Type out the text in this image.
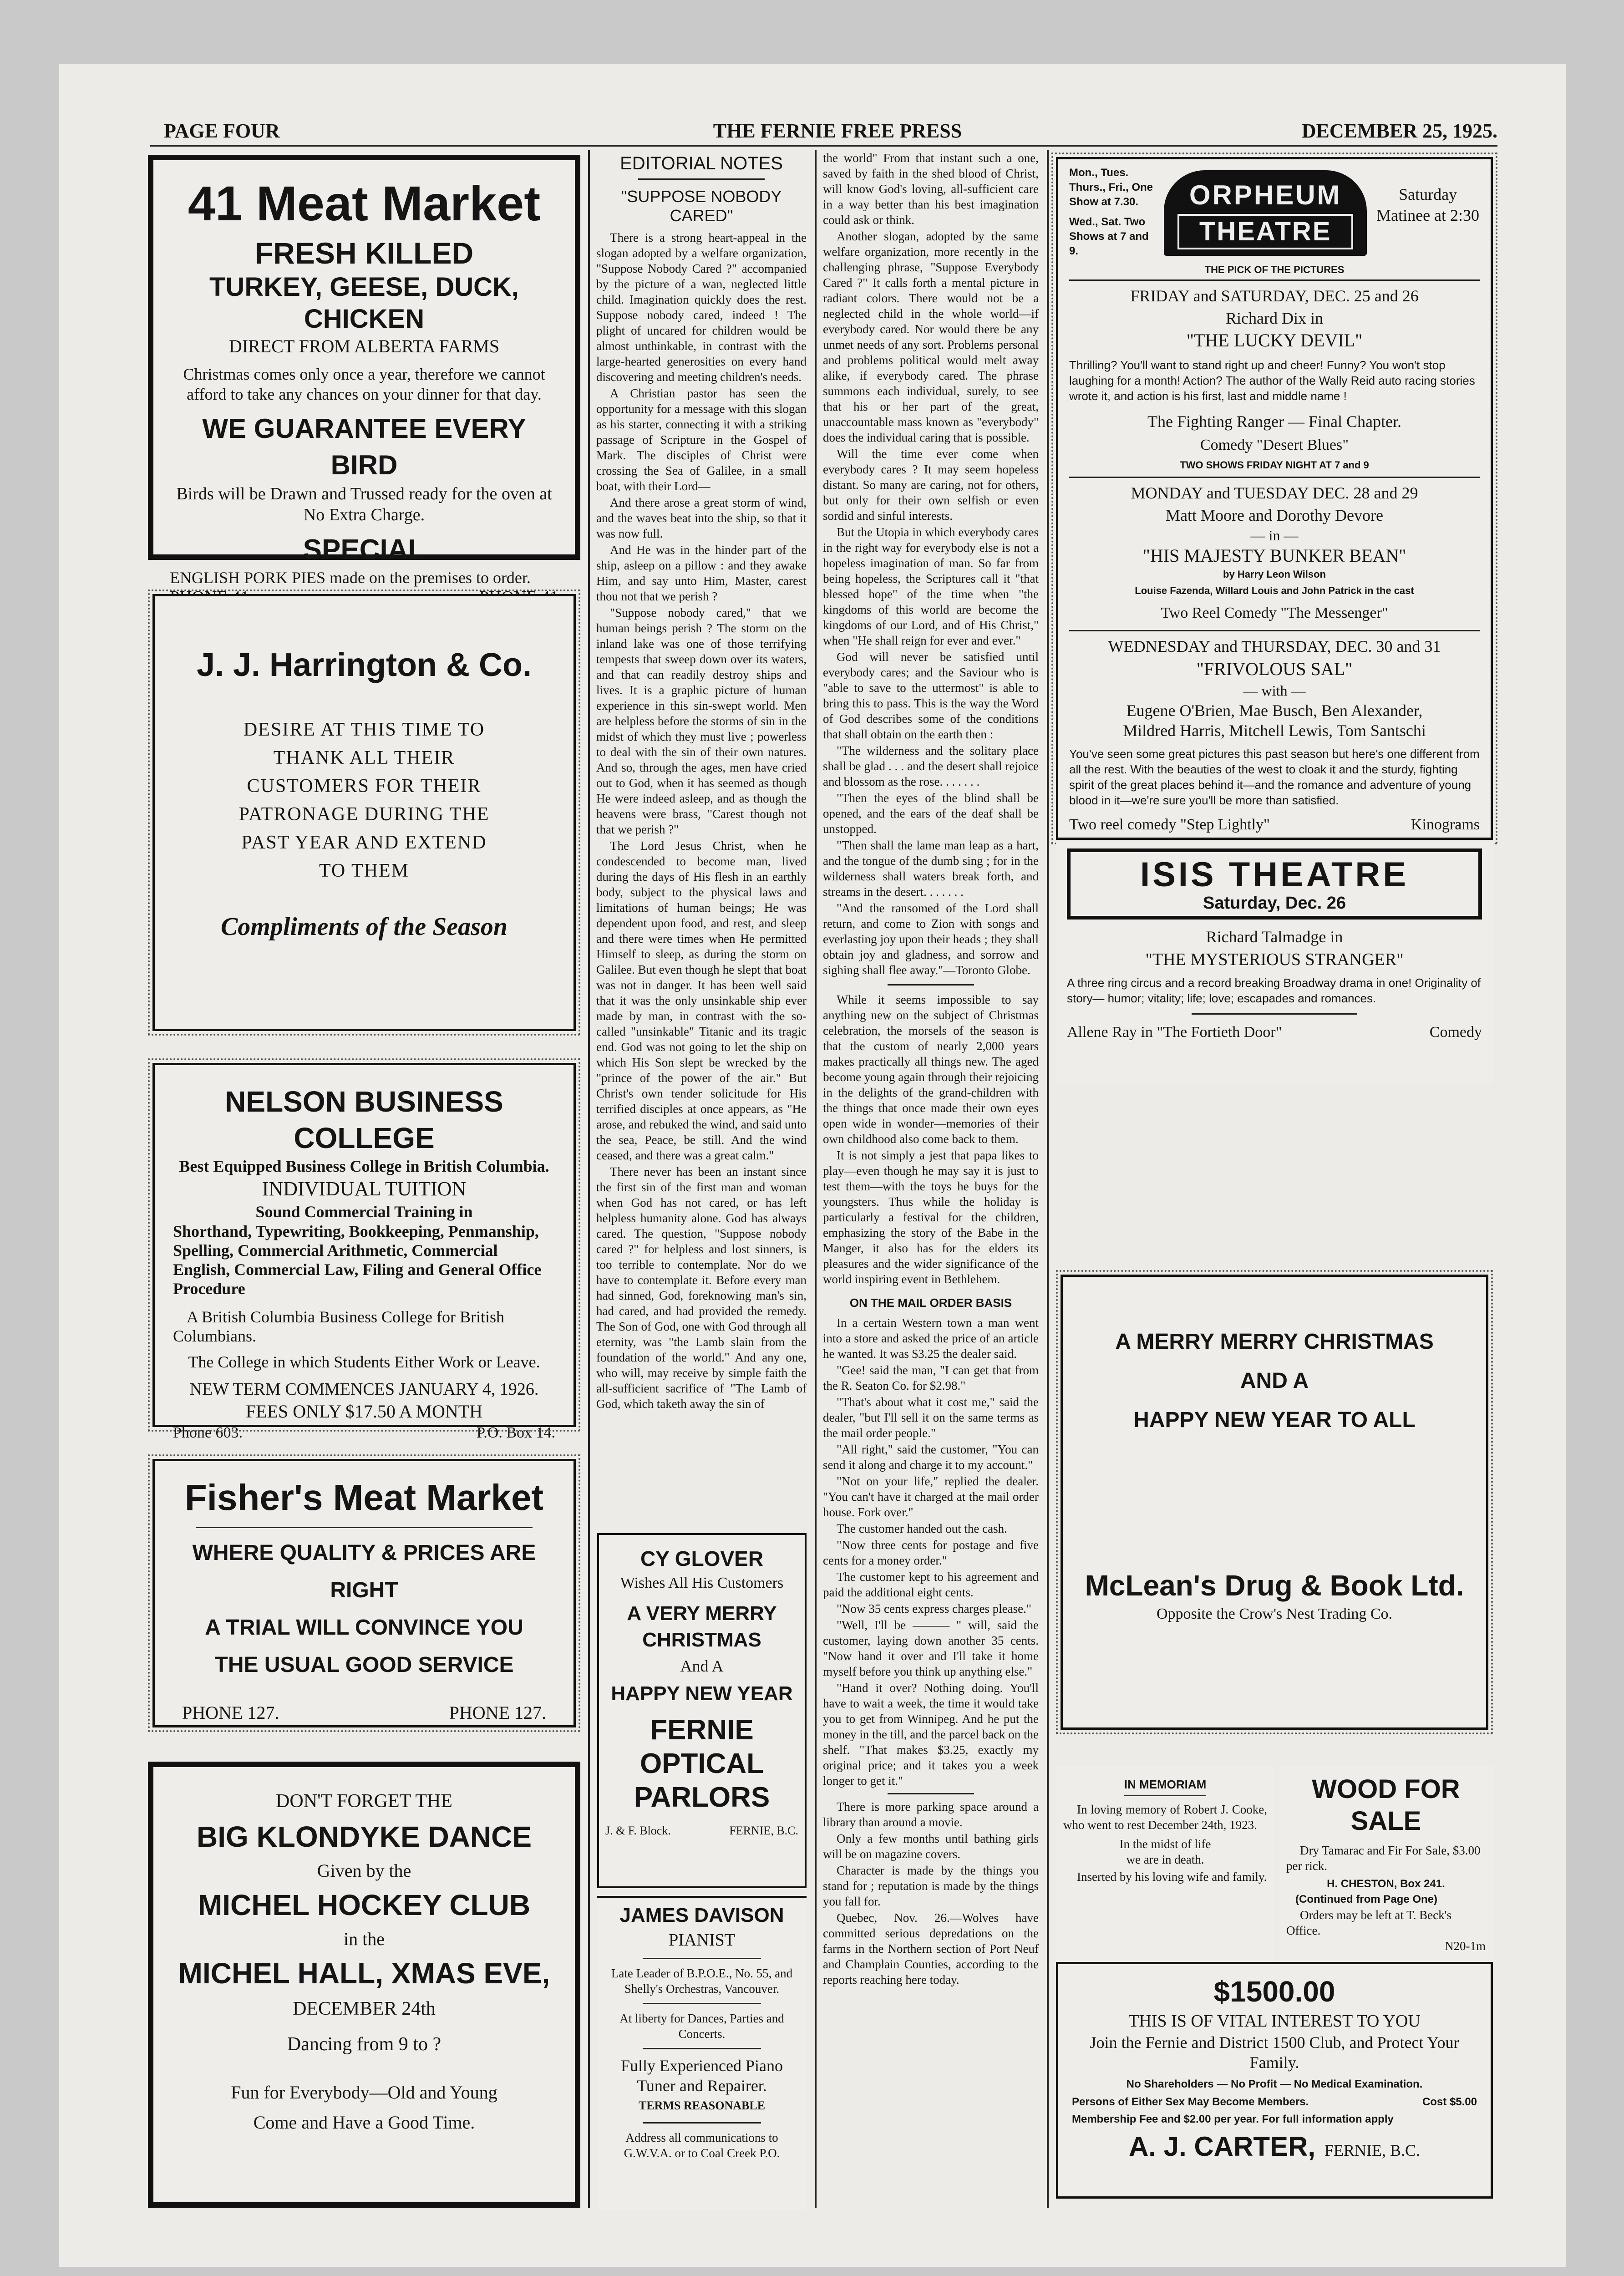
PAGE FOUR	THE FERNIE FREE PRESS	DECEMBER 25, 1925.
41 Meat Market
FRESH KILLED
TURKEY, GEESE, DUCK, CHICKEN
DIRECT FROM ALBERTA FARMS
Christmas comes only once a year, therefore we cannot afford to take any chances on your dinner for that day.
WE GUARANTEE EVERY BIRD
Birds will be Drawn and Trussed ready for the oven at No Extra Charge.
SPECIAL
ENGLISH PORK PIES made on the premises to order.
J. J. Harrington & Co.
DESIRE AT THIS TIME TO
THANK ALL THEIR
CUSTOMERS FOR THEIR
PATRONAGE DURING THE
PAST YEAR AND EXTEND
TO THEM
Compliments of the Season
NELSON BUSINESS COLLEGE
Best Equipped Business College in British Columbia.
INDIVIDUAL TUITION
Sound Commercial Training in
Shorthand, Typewriting, Bookkeeping, Penmanship, Spelling, Commercial Arithmetic, Commercial English, Commercial Law, Filing and General Office Procedure
A British Columbia Business College for British Columbians.
The College in which Students Either Work or Leave.
NEW TERM COMMENCES JANUARY 4, 1926.
FEES ONLY $17.50 A MONTH
Phone 603.	P.O. Box 14.
Fisher's Meat Market
WHERE QUALITY & PRICES ARE RIGHT
A TRIAL WILL CONVINCE YOU
THE USUAL GOOD SERVICE
PHONE 127.	PHONE 127.
DON'T FORGET THE
BIG KLONDYKE DANCE
Given by the
MICHEL HOCKEY CLUB
in the
MICHEL HALL, XMAS EVE,
DECEMBER 24th
Dancing from 9 to ?
Fun for Everybody—Old and Young
Come and Have a Good Time.
EDITORIAL NOTES
"SUPPOSE NOBODY CARED"

There is a strong heart-appeal in the slogan adopted by a welfare organization, "Suppose Nobody Cared ?" accompanied by the picture of a wan, neglected little child. Imagination quickly does the rest. Suppose nobody cared, indeed ! The plight of uncared for children would be almost unthinkable, in contrast with the large-hearted generosities on every hand discovering and meeting children's needs.

A Christian pastor has seen the opportunity for a message with this slogan as his starter, connecting it with a striking passage of Scripture in the Gospel of Mark. The disciples of Christ were crossing the Sea of Galilee, in a small boat, with their Lord—

And there arose a great storm of wind, and the waves beat into the ship, so that it was now full.

And He was in the hinder part of the ship, asleep on a pillow : and they awake Him, and say unto Him, Master, carest thou not that we perish ?

"Suppose nobody cared," that we human beings perish ? The storm on the inland lake was one of those terrifying tempests that sweep down over its waters, and that can readily destroy ships and lives. It is a graphic picture of human experience in this sin-swept world. Men are helpless before the storms of sin in the midst of which they must live ; powerless to deal with the sin of their own natures. And so, through the ages, men have cried out to God, when it has seemed as though He were indeed asleep, and as though the heavens were brass, "Carest though not that we perish ?"

The Lord Jesus Christ, when he condescended to become man, lived during the days of His flesh in an earthly body, subject to the physical laws and limitations of human beings; He was dependent upon food, and rest, and sleep and there were times when He permitted Himself to sleep, as during the storm on Galilee. But even though he slept that boat was not in danger. It has been well said that it was the only unsinkable ship ever made by man, in contrast with the so-called "unsinkable" Titanic and its tragic end. God was not going to let the ship on which His Son slept be wrecked by the "prince of the power of the air." But Christ's own tender solicitude for His terrified disciples at once appears, as "He arose, and rebuked the wind, and said unto the sea, Peace, be still. And the wind ceased, and there was a great calm."

There never has been an instant since the first sin of the first man and woman when God has not cared, or has left helpless humanity alone. God has always cared. The question, "Suppose nobody cared ?" for helpless and lost sinners, is too terrible to contemplate. Nor do we have to contemplate it. Before every man had sinned, God, foreknowing man's sin, had cared, and had provided the remedy. The Son of God, one with God through all eternity, was "the Lamb slain from the foundation of the world." And any one, who will, may receive by simple faith the all-sufficient sacrifice of "The Lamb of God, which taketh away the sin of

CY GLOVER
Wishes All His Customers
A VERY MERRY CHRISTMAS
And A
HAPPY NEW YEAR
FERNIE OPTICAL PARLORS
J. & F. Block.	FERNIE, B.C.
JAMES DAVISON
PIANIST
Late Leader of B.P.O.E., No. 55, and Shelly's Orchestras, Vancouver.
At liberty for Dances, Parties and Concerts.
Fully Experienced Piano Tuner and Repairer.
TERMS REASONABLE
Address all communications to G.W.V.A. or to Coal Creek P.O.

the world" From that instant such a one, saved by faith in the shed blood of Christ, will know God's loving, all-sufficient care in a way better than his best imagination could ask or think.

Another slogan, adopted by the same welfare organization, more recently in the challenging phrase, "Suppose Everybody Cared ?" It calls forth a mental picture in radiant colors. There would not be a neglected child in the whole world—if everybody cared. Nor would there be any unmet needs of any sort. Problems personal and problems political would melt away alike, if everybody cared. The phrase summons each individual, surely, to see that his or her part of the great, unaccountable mass known as "everybody" does the individual caring that is possible.

Will the time ever come when everybody cares ? It may seem hopeless distant. So many are caring, not for others, but only for their own selfish or even sordid and sinful interests.

But the Utopia in which everybody cares in the right way for everybody else is not a hopeless imagination of man. So far from being hopeless, the Scriptures call it "that blessed hope" of the time when "the kingdoms of this world are become the kingdoms of our Lord, and of His Christ," when "He shall reign for ever and ever."

God will never be satisfied until everybody cares; and the Saviour who is "able to save to the uttermost" is able to bring this to pass. This is the way the Word of God describes some of the conditions that shall obtain on the earth then :

"The wilderness and the solitary place shall be glad . . . and the desert shall rejoice and blossom as the rose. . . . . . .

"Then the eyes of the blind shall be opened, and the ears of the deaf shall be unstopped.

"Then shall the lame man leap as a hart, and the tongue of the dumb sing ; for in the wilderness shall waters break forth, and streams in the desert. . . . . . .

"And the ransomed of the Lord shall return, and come to Zion with songs and everlasting joy upon their heads ; they shall obtain joy and gladness, and sorrow and sighing shall flee away."—Toronto Globe.

While it seems impossible to say anything new on the subject of Christmas celebration, the morsels of the season is that the custom of nearly 2,000 years makes practically all things new. The aged become young again through their rejoicing in the delights of the grand-children with the things that once made their own eyes open wide in wonder—memories of their own childhood also come back to them.

It is not simply a jest that papa likes to play—even though he may say it is just to test them—with the toys he buys for the youngsters. Thus while the holiday is particularly a festival for the children, emphasizing the story of the Babe in the Manger, it also has for the elders its pleasures and the wider significance of the world inspiring event in Bethlehem.

ON THE MAIL ORDER BASIS

In a certain Western town a man went into a store and asked the price of an article he wanted. It was $3.25 the dealer said.

"Gee! said the man, "I can get that from the R. Seaton Co. for $2.98."

"That's about what it cost me," said the dealer, "but I'll sell it on the same terms as the mail order people."

"All right," said the customer, "You can send it along and charge it to my account."

"Not on your life," replied the dealer. "You can't have it charged at the mail order house. Fork over."

The customer handed out the cash.

"Now three cents for postage and five cents for a money order."

The customer kept to his agreement and paid the additional eight cents.

"Now 35 cents express charges please."

"Well, I'll be ——— " will, said the customer, laying down another 35 cents. "Now hand it over and I'll take it home myself before you think up anything else."

"Hand it over? Nothing doing. You'll have to wait a week, the time it would take you to get from Winnipeg. And he put the money in the till, and the parcel back on the shelf. "That makes $3.25, exactly my original price; and it takes you a week longer to get it."

There is more parking space around a library than around a movie.

Only a few months until bathing girls will be on magazine covers.

Character is made by the things you stand for ; reputation is made by the things you fall for.

Quebec, Nov. 26.—Wolves have committed serious depredations on the farms in the Northern section of Port Neuf and Champlain Counties, according to the reports reaching here today.

Mon., Tues. Thurs., Fri., One Show at 7.30.
Wed., Sat. Two Shows at 7 and 9.
ORPHEUM
THEATRE
Saturday Matinee at 2:30
THE PICK OF THE PICTURES
FRIDAY and SATURDAY, DEC. 25 and 26
Richard Dix in
"THE LUCKY DEVIL"
Thrilling? You'll want to stand right up and cheer! Funny? You won't stop laughing for a month! Action? The author of the Wally Reid auto racing stories wrote it, and action is his first, last and middle name !
The Fighting Ranger — Final Chapter.
Comedy "Desert Blues"
TWO SHOWS FRIDAY NIGHT AT 7 and 9
MONDAY and TUESDAY DEC. 28 and 29
Matt Moore and Dorothy Devore
— in —
"HIS MAJESTY BUNKER BEAN"
by Harry Leon Wilson
Louise Fazenda, Willard Louis and John Patrick in the cast
Two Reel Comedy "The Messenger"
WEDNESDAY and THURSDAY, DEC. 30 and 31
"FRIVOLOUS SAL"
— with —
Eugene O'Brien, Mae Busch, Ben Alexander,
Mildred Harris, Mitchell Lewis, Tom Santschi
You've seen some great pictures this past season but here's one different from all the rest. With the beauties of the west to cloak it and the sturdy, fighting spirit of the great places behind it—and the romance and adventure of young blood in it—we're sure you'll be more than satisfied.
Two reel comedy "Step Lightly"	Kinograms
ISIS THEATRE
Saturday, Dec. 26
Richard Talmadge in
"THE MYSTERIOUS STRANGER"
A three ring circus and a record breaking Broadway drama in one! Originality of story— humor; vitality; life; love; escapades and romances.
Allene Ray in "The Fortieth Door"	Comedy
A MERRY MERRY CHRISTMAS
AND A
HAPPY NEW YEAR TO ALL
McLean's Drug & Book Ltd.
Opposite the Crow's Nest Trading Co.
IN MEMORIAM
In loving memory of Robert J. Cooke, who went to rest December 24th, 1923.
In the midst of life
we are in death.
Inserted by his loving wife and family.
WOOD FOR SALE
Dry Tamarac and Fir For Sale, $3.00 per rick.
H. CHESTON, Box 241.
(Continued from Page One)
Orders may be left at T. Beck's Office.
N20-1m
$1500.00
THIS IS OF VITAL INTEREST TO YOU
Join the Fernie and District 1500 Club, and Protect Your Family.
No Shareholders — No Profit — No Medical Examination.
Persons of Either Sex May Become Members.	Cost $5.00
Membership Fee and $2.00 per year. For full information apply
A. J. CARTER, FERNIE, B.C.
